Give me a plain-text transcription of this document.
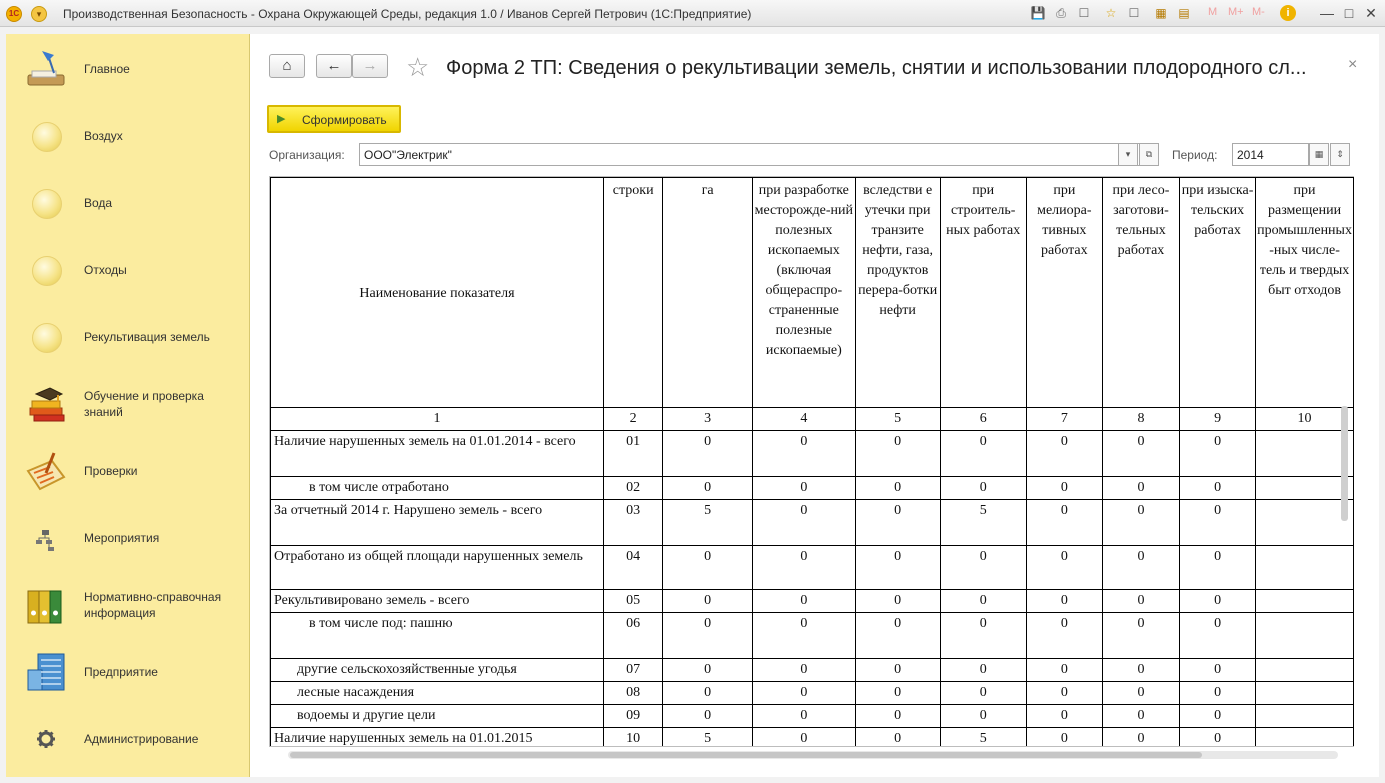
1С	▾	Производственная Безопасность - Охрана Окружающей Среды, редакция 1.0 / Иванов Сергей Петрович (1С:Предприятие)	💾 ⎙ ☐ ☆ ☐ ▦ ▤ M M+ M-	i	— □ ✕
Главное
Воздух
Вода
Отходы
Рекультивация земель
Обучение и проверка знаний
Проверки
Мероприятия
Нормативно-справочная информация
Предприятие
Администрирование
⌂	←	→	☆ Форма 2 ТП: Сведения о рекультивации земель, снятии и использовании плодородного сл...	×
▶ Сформировать
Организация:	ООО"Электрик"	▾	⧉	Период:	2014	▦	⇕
Наименование показателя	строки	га	при разработке месторожде-ний полезных ископаемых (включая общераспро-страненные полезные ископаемые)	вследстви е утечки при транзите нефти, газа, продуктов перера-ботки нефти	при строитель-ных работах	при мелиора-тивных работах	при лесо-заготови-тельных работах	при изыска-тельских работах	при размещении промышленных -ных числе-тель и твердых быт отходов
1	2	3	4	5	6	7	8	9	10
Наличие нарушенных земель на 01.01.2014 - всего	01	0	0	0	0	0	0	0	
в том числе отработано	02	0	0	0	0	0	0	0	
За отчетный 2014 г. Нарушено земель - всего	03	5	0	0	5	0	0	0	
Отработано из общей площади нарушенных земель	04	0	0	0	0	0	0	0	
Рекультивировано земель - всего	05	0	0	0	0	0	0	0	
в том числе под: пашню	06	0	0	0	0	0	0	0	
другие сельскохозяйственные угодья	07	0	0	0	0	0	0	0	
лесные насаждения	08	0	0	0	0	0	0	0	
водоемы и другие цели	09	0	0	0	0	0	0	0	
Наличие нарушенных земель на 01.01.2015	10	5	0	0	5	0	0	0	
